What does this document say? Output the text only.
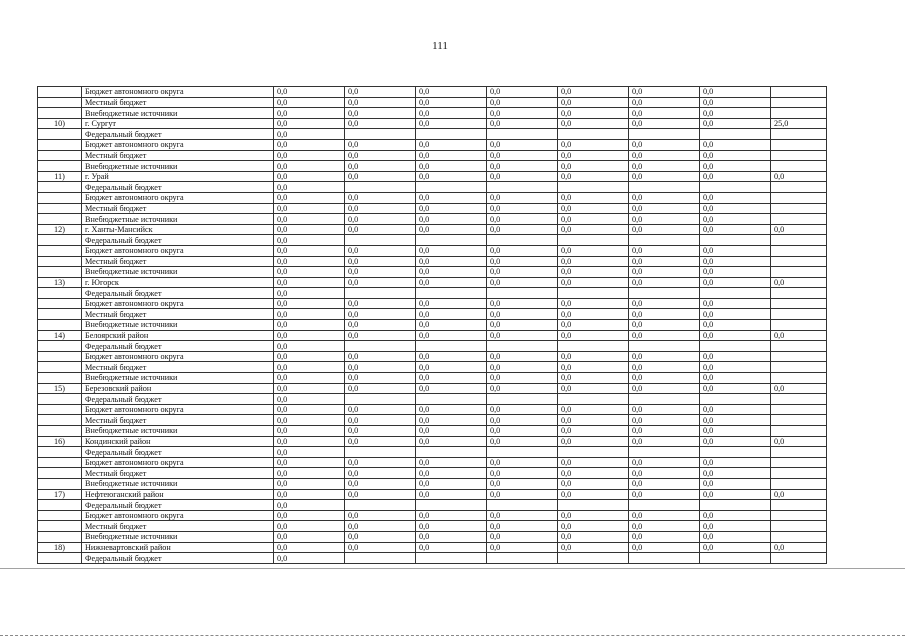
111
	Бюджет автономного округа	0,0	0,0	0,0	0,0	0,0	0,0	0,0	
	Местный бюджет	0,0	0,0	0,0	0,0	0,0	0,0	0,0	
	Внебюджетные источники	0,0	0,0	0,0	0,0	0,0	0,0	0,0	
10)	г. Сургут	0,0	0,0	0,0	0,0	0,0	0,0	0,0	25,0
	Федеральный бюджет	0,0							
	Бюджет автономного округа	0,0	0,0	0,0	0,0	0,0	0,0	0,0	
	Местный бюджет	0,0	0,0	0,0	0,0	0,0	0,0	0,0	
	Внебюджетные источники	0,0	0,0	0,0	0,0	0,0	0,0	0,0	
11)	г. Урай	0,0	0,0	0,0	0,0	0,0	0,0	0,0	0,0
	Федеральный бюджет	0,0							
	Бюджет автономного округа	0,0	0,0	0,0	0,0	0,0	0,0	0,0	
	Местный бюджет	0,0	0,0	0,0	0,0	0,0	0,0	0,0	
	Внебюджетные источники	0,0	0,0	0,0	0,0	0,0	0,0	0,0	
12)	г. Ханты-Мансийск	0,0	0,0	0,0	0,0	0,0	0,0	0,0	0,0
	Федеральный бюджет	0,0							
	Бюджет автономного округа	0,0	0,0	0,0	0,0	0,0	0,0	0,0	
	Местный бюджет	0,0	0,0	0,0	0,0	0,0	0,0	0,0	
	Внебюджетные источники	0,0	0,0	0,0	0,0	0,0	0,0	0,0	
13)	г. Югорск	0,0	0,0	0,0	0,0	0,0	0,0	0,0	0,0
	Федеральный бюджет	0,0							
	Бюджет автономного округа	0,0	0,0	0,0	0,0	0,0	0,0	0,0	
	Местный бюджет	0,0	0,0	0,0	0,0	0,0	0,0	0,0	
	Внебюджетные источники	0,0	0,0	0,0	0,0	0,0	0,0	0,0	
14)	Белоярский район	0,0	0,0	0,0	0,0	0,0	0,0	0,0	0,0
	Федеральный бюджет	0,0							
	Бюджет автономного округа	0,0	0,0	0,0	0,0	0,0	0,0	0,0	
	Местный бюджет	0,0	0,0	0,0	0,0	0,0	0,0	0,0	
	Внебюджетные источники	0,0	0,0	0,0	0,0	0,0	0,0	0,0	
15)	Березовский район	0,0	0,0	0,0	0,0	0,0	0,0	0,0	0,0
	Федеральный бюджет	0,0							
	Бюджет автономного округа	0,0	0,0	0,0	0,0	0,0	0,0	0,0	
	Местный бюджет	0,0	0,0	0,0	0,0	0,0	0,0	0,0	
	Внебюджетные источники	0,0	0,0	0,0	0,0	0,0	0,0	0,0	
16)	Кондинский район	0,0	0,0	0,0	0,0	0,0	0,0	0,0	0,0
	Федеральный бюджет	0,0							
	Бюджет автономного округа	0,0	0,0	0,0	0,0	0,0	0,0	0,0	
	Местный бюджет	0,0	0,0	0,0	0,0	0,0	0,0	0,0	
	Внебюджетные источники	0,0	0,0	0,0	0,0	0,0	0,0	0,0	
17)	Нефтеюганский район	0,0	0,0	0,0	0,0	0,0	0,0	0,0	0,0
	Федеральный бюджет	0,0							
	Бюджет автономного округа	0,0	0,0	0,0	0,0	0,0	0,0	0,0	
	Местный бюджет	0,0	0,0	0,0	0,0	0,0	0,0	0,0	
	Внебюджетные источники	0,0	0,0	0,0	0,0	0,0	0,0	0,0	
18)	Нижневартовский район	0,0	0,0	0,0	0,0	0,0	0,0	0,0	0,0
	Федеральный бюджет	0,0							
